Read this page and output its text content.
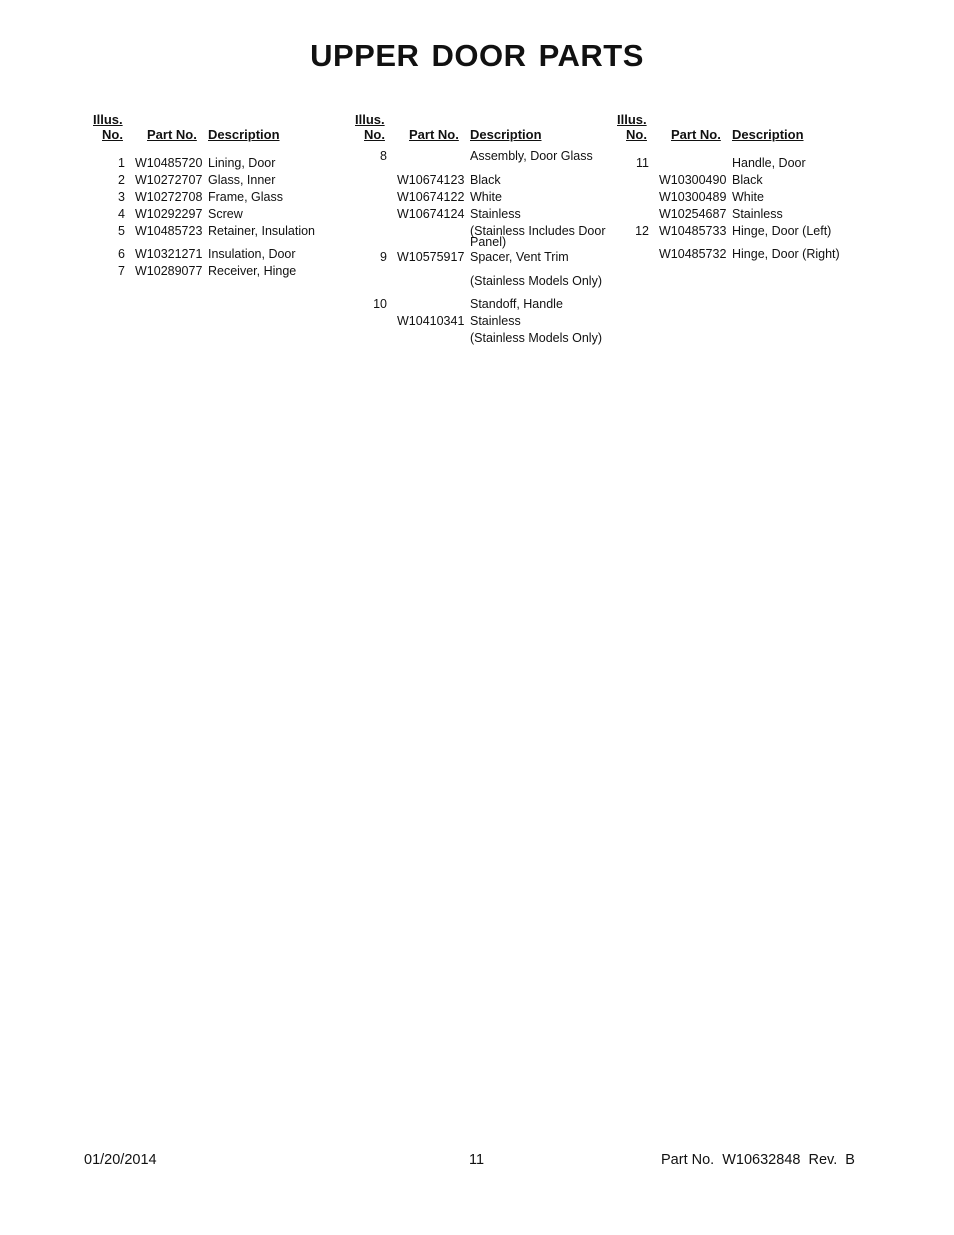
UPPER DOOR PARTS
Illus.
No. Part No. Description
1 W10485720 Lining, Door
2 W10272707 Glass, Inner
3 W10272708 Frame, Glass
4 W10292297 Screw
5 W10485723 Retainer, Insulation
6 W10321271 Insulation, Door
7 W10289077 Receiver, Hinge
Illus.
No. Part No. Description
8	Assembly, Door Glass
W10674123 Black
W10674122 White
W10674124 Stainless
(Stainless Includes Door Panel)
9 W10575917 Spacer, Vent Trim
(Stainless Models Only)
10	Standoff, Handle
W10410341 Stainless
(Stainless Models Only)
Illus.
No. Part No. Description
11	Handle, Door
W10300490 Black
W10300489 White
W10254687 Stainless
12 W10485733 Hinge, Door (Left)
W10485732 Hinge, Door (Right)
01/20/2014	11	Part No.  W10632848  Rev.  B
